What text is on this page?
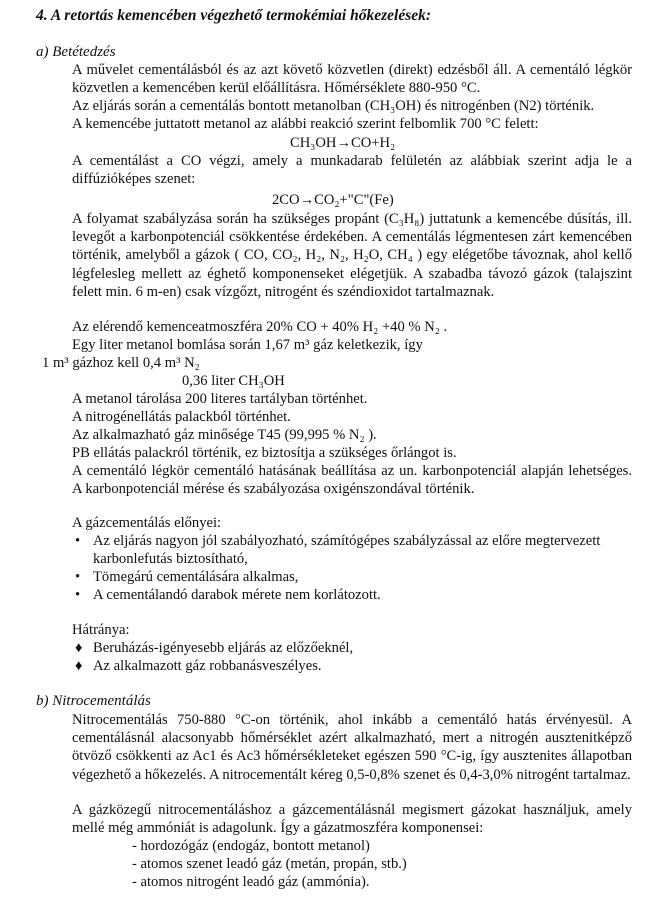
4. A retortás kemencében végezhető termokémiai hőkezelések:
a) Betétedzés
A művelet cementálásból és az azt követő közvetlen (direkt) edzésből áll. A cementáló légkör közvetlen a kemencében kerül előállításra. Hőmérséklete 880-950 °C.
Az eljárás során a cementálás bontott metanolban (CH₃OH) és nitrogénben (N2) történik.
A kemencébe juttatott metanol az alábbi reakció szerint felbomlik 700 °C felett:
CH₃OH→CO+H₂
A cementálást a CO végzi, amely a munkadarab felületén az alábbiak szerint adja le a diffúzióképes szenet:
2CO→CO₂+"C"(Fe)
A folyamat szabályzása során ha szükséges propánt (C₃H₈) juttatunk a kemencébe dúsítás, ill. levegőt a karbonpotenciál csökkentése érdekében. A cementálás légmentesen zárt kemencében történik, amelyből a gázok ( CO, CO₂, H₂, N₂, H₂O, CH₄ ) egy elégetőbe távoznak, ahol kellő légfelesleg mellett az éghető komponenseket elégetjük. A szabadba távozó gázok (talajszint felett min. 6 m-en) csak vízgőzt, nitrogént és széndioxidot tartalmaznak.
Az elérendő kemenceatmoszféra 20% CO + 40% H₂ +40 % N₂ .
Egy liter metanol bomlása során 1,67 m³ gáz keletkezik, így
1 m³ gázhoz kell 0,4 m³ N₂
0,36 liter CH₃OH
A metanol tárolása 200 literes tartályban történhet.
A nitrogénellátás palackból történhet.
Az alkalmazható gáz minősége T45 (99,995 % N₂ ).
PB ellátás palackról történik, ez biztosítja a szükséges őrlángot is.
A cementáló légkör cementáló hatásának beállítása az un. karbonpotenciál alapján lehetséges. A karbonpotenciál mérése és szabályozása oxigénszondával történik.
A gázcementálás előnyei:
• Az eljárás nagyon jól szabályozható, számítógépes szabályzással az előre megtervezett
karbonlefutás biztosítható,
• Tömegárú cementálására alkalmas,
• A cementálandó darabok mérete nem korlátozott.
Hátránya:
♦ Beruházás-igényesebb eljárás az előzőeknél,
♦ Az alkalmazott gáz robbanásveszélyes.
b) Nitrocementálás
Nitrocementálás 750-880 °C-on történik, ahol inkább a cementáló hatás érvényesül. A cementálásnál alacsonyabb hőmérséklet azért alkalmazható, mert a nitrogén ausztenitképző ötvöző csökkenti az Ac1 és Ac3 hőmérsékleteket egészen 590 °C-ig, így ausztenites állapotban végezhető a hőkezelés. A nitrocementált kéreg 0,5-0,8% szenet és 0,4-3,0% nitrogént tartalmaz.
A gázközegű nitrocementáláshoz a gázcementálásnál megismert gázokat használjuk, amely mellé még ammóniát is adagolunk. Így a gázatmoszféra komponensei:
- hordozógáz (endogáz, bontott metanol)
- atomos szenet leadó gáz (metán, propán, stb.)
- atomos nitrogént leadó gáz (ammónia).
